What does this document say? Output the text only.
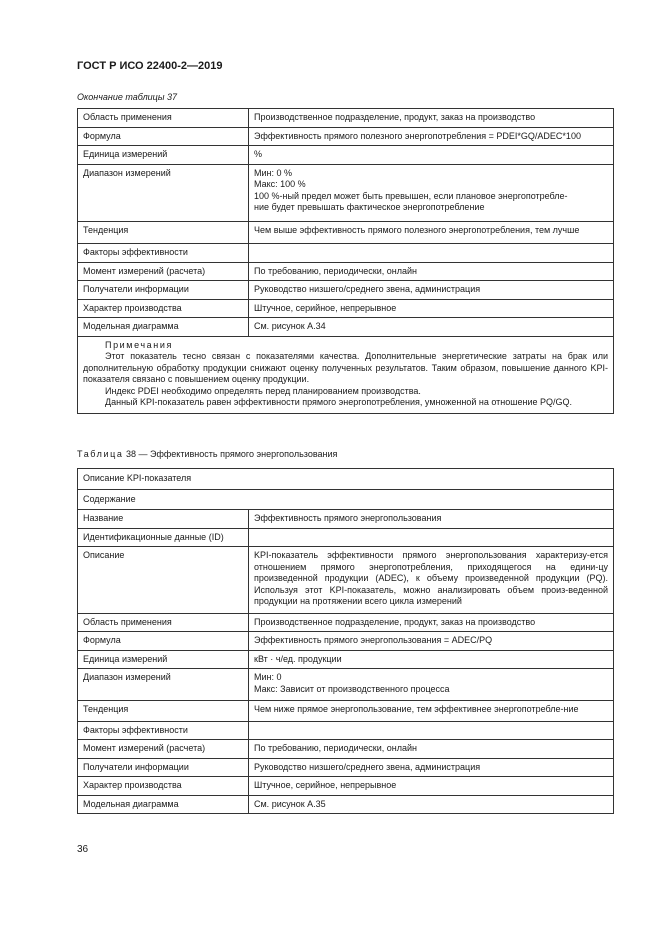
ГОСТ Р ИСО 22400-2—2019
Окончание таблицы 37
Область применения	Производственное подразделение, продукт, заказ на производство
Формула	Эффективность прямого полезного энергопотребления = PDEI*GQ/ADEC*100
Единица измерений	%
Диапазон измерений	Мин: 0 %
Макс: 100 %
100 %-ный предел может быть превышен, если плановое энергопотребле-
ние будет превышать фактическое энергопотребление
Тенденция	Чем выше эффективность прямого полезного энергопотребления, тем лучше
Факторы эффективности	
Момент измерений (расчета)	По требованию, периодически, онлайн
Получатели информации	Руководство низшего/среднего звена, администрация
Характер производства	Штучное, серийное, непрерывное
Модельная диаграмма	См. рисунок А.34

Примечания

Этот показатель тесно связан с показателями качества. Дополнительные энергетические затраты на брак или дополнительную обработку продукции снижают оценку полученных результатов. Таким образом, повышение данного KPI-показателя связано с повышением оценку продукции.

Индекс PDEI необходимо определять перед планированием производства.

Данный KPI-показатель равен эффективности прямого энергопотребления, умноженной на отношение PQ/GQ.	

Таблица 38 — Эффективность прямого энергопользования
Описание KPI-показателя	
Содержание	
Название	Эффективность прямого энергопользования
Идентификационные данные (ID)	
Описание	KPI-показатель эффективности прямого энергопользования характеризу-ется отношением прямого энергопотребления, приходящегося на едини-цу произведенной продукции (ADEC), к объему произведенной продукции (PQ). Используя этот KPI-показатель, можно анализировать объем произ-веденной продукции на протяжении всего цикла измерений
Область применения	Производственное подразделение, продукт, заказ на производство
Формула	Эффективность прямого энергопользования = ADEC/PQ
Единица измерений	кВт · ч/ед. продукции
Диапазон измерений	Мин: 0
Макс: Зависит от производственного процесса
Тенденция	Чем ниже прямое энергопользование, тем эффективнее энергопотребле-ние
Факторы эффективности	
Момент измерений (расчета)	По требованию, периодически, онлайн
Получатели информации	Руководство низшего/среднего звена, администрация
Характер производства	Штучное, серийное, непрерывное
Модельная диаграмма	См. рисунок А.35
36
